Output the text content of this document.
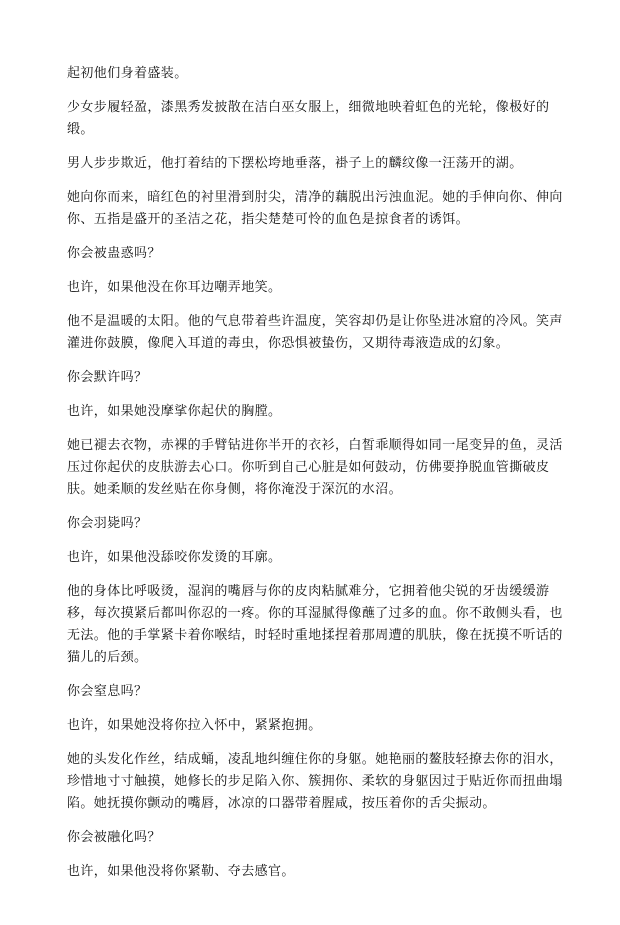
起初他们身着盛装。

少女步履轻盈，漆黑秀发披散在洁白巫女服上，细微地映着虹色的光轮，像极好的缎。

男人步步欺近，他打着结的下摆松垮地垂落，褂子上的麟纹像一汪荡开的湖。

她向你而来，暗红色的衬里滑到肘尖，清净的藕脱出污浊血泥。她的手伸向你、伸向你、五指是盛开的圣洁之花，指尖楚楚可怜的血色是掠食者的诱饵。

你会被蛊惑吗？

也许，如果他没在你耳边嘲弄地笑。

他不是温暖的太阳。他的气息带着些许温度，笑容却仍是让你坠进冰窟的冷风。笑声灌进你鼓膜，像爬入耳道的毒虫，你恐惧被蛰伤，又期待毒液造成的幻象。

你会默许吗？

也许，如果她没摩挲你起伏的胸膛。

她已褪去衣物，赤裸的手臂钻进你半开的衣衫，白皙乖顺得如同一尾变异的鱼，灵活压过你起伏的皮肤游去心口。你听到自己心脏是如何鼓动，仿佛要挣脱血管撕破皮肤。她柔顺的发丝贴在你身侧，将你淹没于深沉的水沼。

你会羽毙吗？

也许，如果他没舔咬你发烫的耳廓。

他的身体比呼吸烫，湿润的嘴唇与你的皮肉粘腻难分，它拥着他尖锐的牙齿缓缓游移，每次摸紧后都叫你忍的一疼。你的耳湿腻得像蘸了过多的血。你不敢侧头看，也无法。他的手掌紧卡着你喉结，时轻时重地揉捏着那周遭的肌肤，像在抚摸不听话的猫儿的后颈。

你会窒息吗？

也许，如果她没将你拉入怀中，紧紧抱拥。

她的头发化作丝，结成蛹，凌乱地纠缠住你的身躯。她艳丽的鳌肢轻撩去你的泪水，珍惜地寸寸触摸，她修长的步足陷入你、簇拥你、柔软的身躯因过于贴近你而扭曲塌陷。她抚摸你颤动的嘴唇，冰凉的口器带着腥咸，按压着你的舌尖振动。

你会被融化吗？

也许，如果他没将你紧勒、夺去感官。
